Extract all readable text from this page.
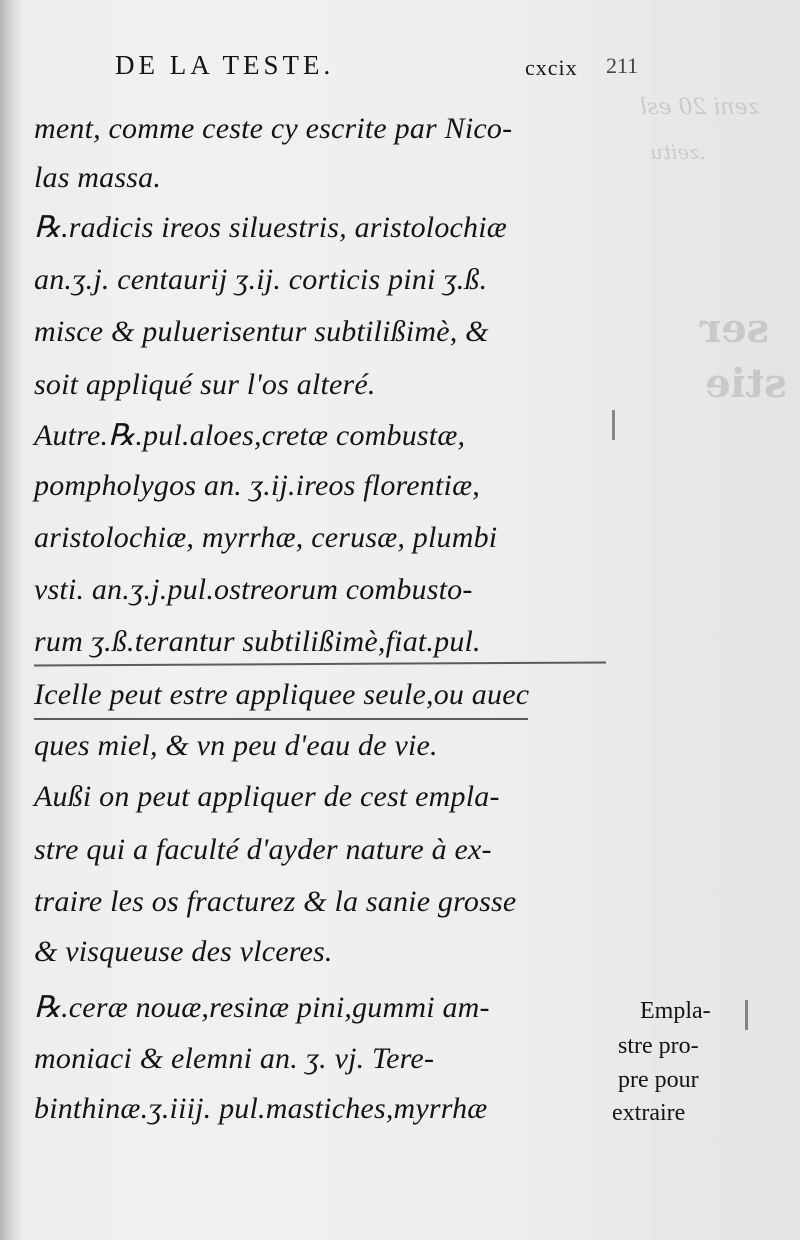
zeni 20 esl
.zeitu
ser
stie
DE LA TESTE.	cxcix 211
ment, comme ceste cy escrite par Nico-
las massa.
℞.radicis ireos siluestris, aristolochiæ
an.ʒ.j. centaurij ʒ.ij. corticis pini ʒ.ß.
misce & puluerisentur subtilißimè, &
soit appliqué sur l'os alteré.
Autre.℞.pul.aloes,cretæ combustæ,
pompholygos an. ʒ.ij.ireos florentiæ,
aristolochiæ, myrrhæ, cerusæ, plumbi
vsti. an.ʒ.j.pul.ostreorum combusto-
rum ʒ.ß.terantur subtilißimè,fiat.pul.
Icelle peut estre appliquee seule,ou auec
ques miel, & vn peu d'eau de vie.
Außi on peut appliquer de cest empla-
stre qui a faculté d'ayder nature à ex-
traire les os fracturez & la sanie grosse
& visqueuse des vlceres.
℞.ceræ nouæ,resinæ pini,gummi am-
moniaci & elemni an. ʒ. vj. Tere-
binthinæ.ʒ.iiij. pul.mastiches,myrrhæ
Empla-
stre pro-
pre pour
extraire
